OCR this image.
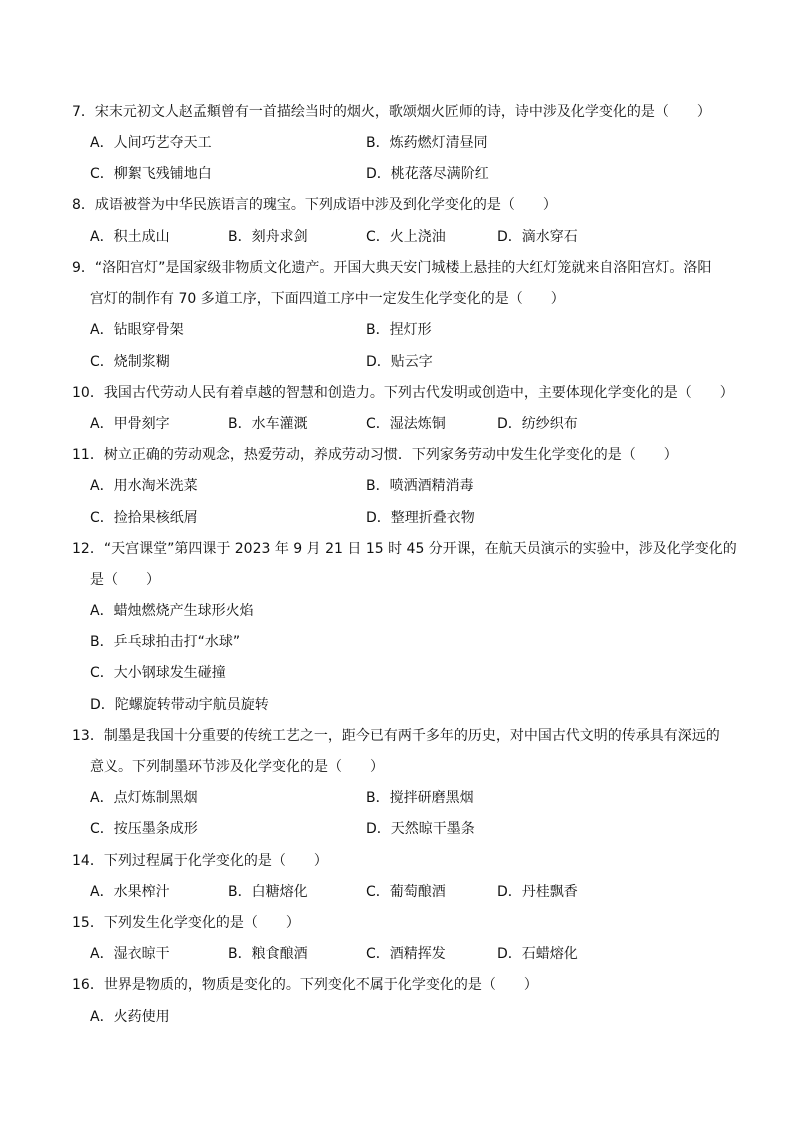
7．宋末元初文人赵孟頫曾有一首描绘当时的烟火，歌颂烟火匠师的诗，诗中涉及化学变化的是（　　）
A．人间巧艺夺天工	B．炼药燃灯清昼同
C．柳絮飞残铺地白	D．桃花落尽满阶红
8．成语被誉为中华民族语言的瑰宝。下列成语中涉及到化学变化的是（　　）
A．积土成山	B．刻舟求剑	C．火上浇油	D．滴水穿石
9．“洛阳宫灯”是国家级非物质文化遗产。开国大典天安门城楼上悬挂的大红灯笼就来自洛阳宫灯。洛阳
宫灯的制作有 70 多道工序，下面四道工序中一定发生化学变化的是（　　）
A．钻眼穿骨架	B．捏灯形
C．烧制浆糊	D．贴云字
10．我国古代劳动人民有着卓越的智慧和创造力。下列古代发明或创造中，主要体现化学变化的是（　　）
A．甲骨刻字	B．水车灌溉	C．湿法炼铜	D．纺纱织布
11．树立正确的劳动观念，热爱劳动，养成劳动习惯．下列家务劳动中发生化学变化的是（　　）
A．用水淘米洗菜	B．喷洒酒精消毒
C．捡拾果核纸屑	D．整理折叠衣物
12．“天宫课堂”第四课于 2023 年 9 月 21 日 15 时 45 分开课，在航天员演示的实验中，涉及化学变化的
是（　　）
A．蜡烛燃烧产生球形火焰
B．乒乓球拍击打“水球”
C．大小钢球发生碰撞
D．陀螺旋转带动宇航员旋转
13．制墨是我国十分重要的传统工艺之一，距今已有两千多年的历史，对中国古代文明的传承具有深远的
意义。下列制墨环节涉及化学变化的是（　　）
A．点灯炼制黑烟	B．搅拌研磨黑烟
C．按压墨条成形	D．天然晾干墨条
14．下列过程属于化学变化的是（　　）
A．水果榨汁	B．白糖熔化	C．葡萄酿酒	D．丹桂飘香
15．下列发生化学变化的是（　　）
A．湿衣晾干	B．粮食酿酒	C．酒精挥发	D．石蜡熔化
16．世界是物质的，物质是变化的。下列变化不属于化学变化的是（　　）
A．火药使用
